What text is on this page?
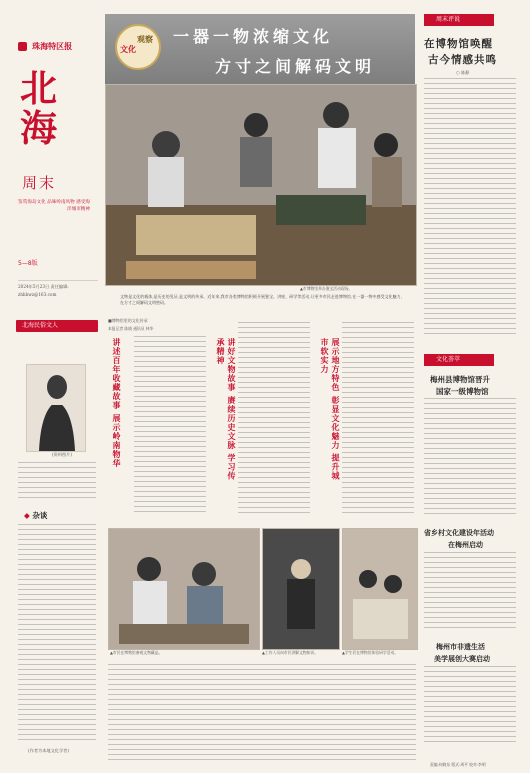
珠海特区报
北
海
周末
鉴赏海岛文化 品味岭南风物 感受海洋城市精神
5—8版
2024年5月23日 责任编辑:
zhhbwz@163.com
北海民俗文人
(资料图片)
◆ 杂谈
(作者为本地文化学者)
文化
观察 一器一物浓缩文化
方寸之间解码文明
▲市博物馆举办鉴宝活动现场。
文物是文化的载体,是历史的见证,是文明的传承。近年来,我市各类博物馆积极开展鉴宝、讲座、研学等活动,让更多市民走进博物馆,在一器一物中感受文化魅力,在方寸之间解码文明密码。
■博物馆里的文化传承
本报记者 陈晓 通讯员 林华
讲述百年收藏故事 展示岭南物华	讲好文物故事 赓续历史文脉 学习传承精神	展示地方特色 彰显文化魅力 提升城市软实力
▲市民在博物馆参观文物藏品。	▲工作人员向市民讲解文物知识。	▲学生们在博物馆体验研学活动。
周末评说
在博物馆唤醒
古今情感共鸣
○ 陈静
文化荟萃
梅州县博物馆晋升
国家一级博物馆
省乡村文化建设年活动
在梅州启动
梅州市非遗生活
美学展创大赛启动
责编:何晓东 版式:周平 校对:李明
